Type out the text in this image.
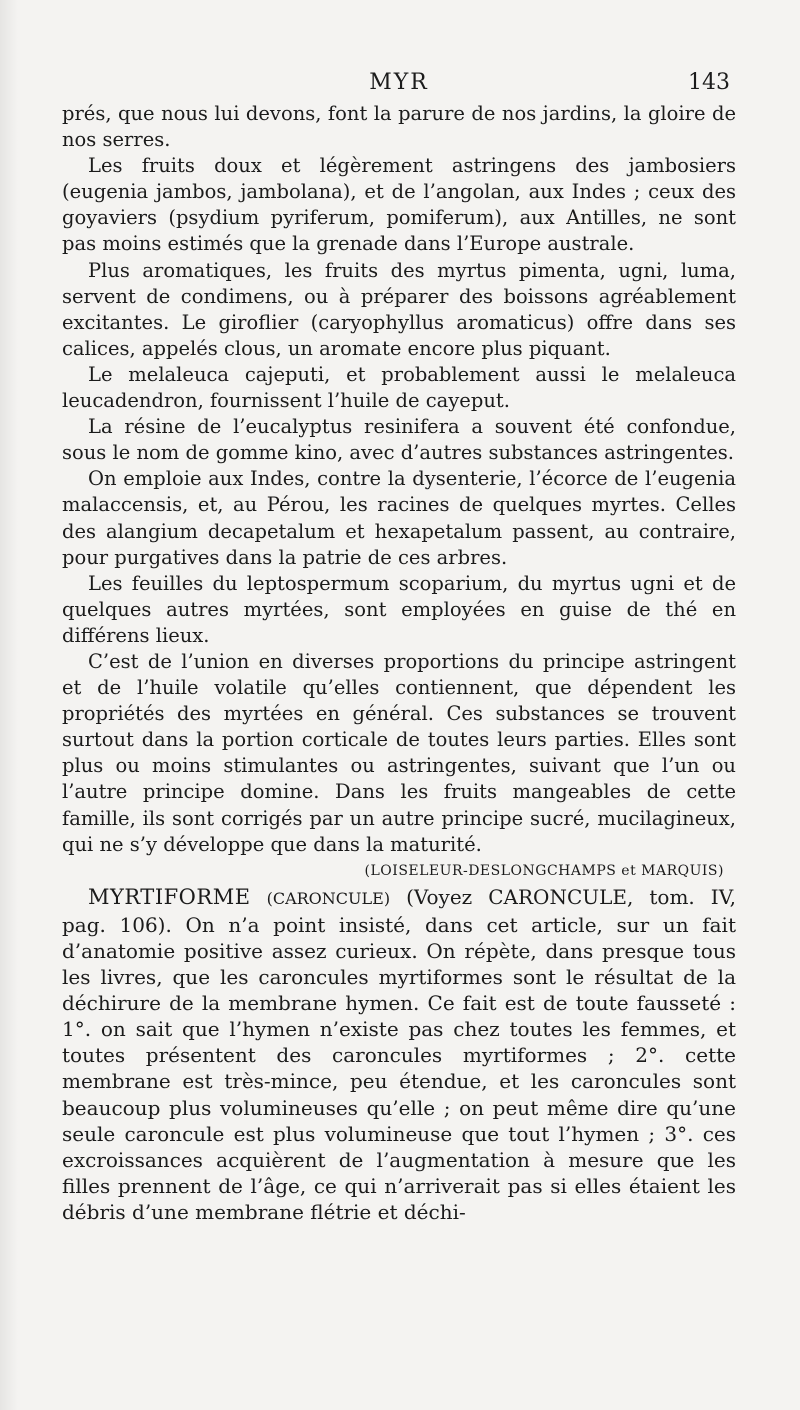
MYR	143

prés, que nous lui devons, font la parure de nos jardins, la gloire de nos serres.

Les fruits doux et légèrement astringens des jambosiers (eugenia jambos, jambolana), et de l’angolan, aux Indes ; ceux des goyaviers (psydium pyriferum, pomiferum), aux Antilles, ne sont pas moins estimés que la grenade dans l’Europe australe.

Plus aromatiques, les fruits des myrtus pimenta, ugni, luma, servent de condimens, ou à préparer des boissons agréablement excitantes. Le giroflier (caryophyllus aromaticus) offre dans ses calices, appelés clous, un aromate encore plus piquant.

Le melaleuca cajeputi, et probablement aussi le melaleuca leucadendron, fournissent l’huile de cayeput.

La résine de l’eucalyptus resinifera a souvent été confondue, sous le nom de gomme kino, avec d’autres substances astringentes.

On emploie aux Indes, contre la dysenterie, l’écorce de l’eugenia malaccensis, et, au Pérou, les racines de quelques myrtes. Celles des alangium decapetalum et hexapetalum passent, au contraire, pour purgatives dans la patrie de ces arbres.

Les feuilles du leptospermum scoparium, du myrtus ugni et de quelques autres myrtées, sont employées en guise de thé en différens lieux.

C’est de l’union en diverses proportions du principe astringent et de l’huile volatile qu’elles contiennent, que dépendent les propriétés des myrtées en général. Ces substances se trouvent surtout dans la portion corticale de toutes leurs parties. Elles sont plus ou moins stimulantes ou astringentes, suivant que l’un ou l’autre principe domine. Dans les fruits mangeables de cette famille, ils sont corrigés par un autre principe sucré, mucilagineux, qui ne s’y développe que dans la maturité.

(LOISELEUR-DESLONGCHAMPS et MARQUIS)

MYRTIFORME (CARONCULE) (Voyez CARONCULE, tom. IV, pag. 106). On n’a point insisté, dans cet article, sur un fait d’anatomie positive assez curieux. On répète, dans presque tous les livres, que les caroncules myrtiformes sont le résultat de la déchirure de la membrane hymen. Ce fait est de toute fausseté : 1°. on sait que l’hymen n’existe pas chez toutes les femmes, et toutes présentent des caroncules myrtiformes ; 2°. cette membrane est très-mince, peu étendue, et les caroncules sont beaucoup plus volumineuses qu’elle ; on peut même dire qu’une seule caroncule est plus volumineuse que tout l’hymen ; 3°. ces excroissances acquièrent de l’augmentation à mesure que les filles prennent de l’âge, ce qui n’arriverait pas si elles étaient les débris d’une membrane flétrie et déchi-
